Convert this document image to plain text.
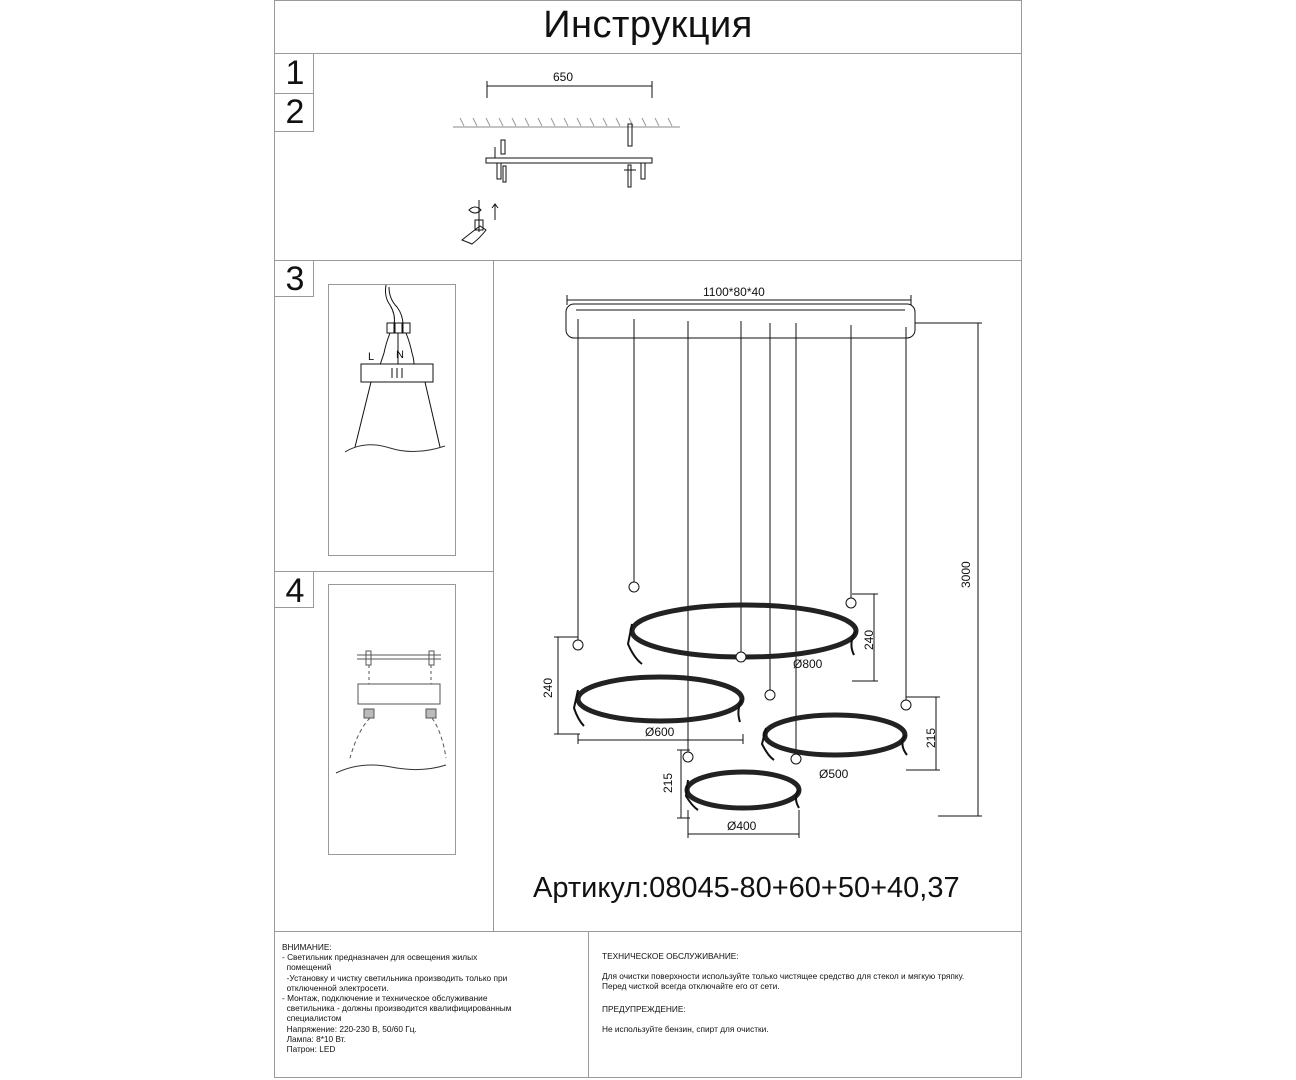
Инструкция
1
2
3
4
650
1100*80*40
3000
240
240
215
215
Ø800
Ø600
Ø500
Ø400
L N
Артикул:08045-80+60+50+40,37
ВНИМАНИЕ:
- Светильник предназначен для освещения жилых
помещений
-Установку и чистку светильника производить только при
отключенной электросети.
- Монтаж, подключение и техническое обслуживание
светильника - должны производится квалифицированным
специалистом
Напряжение: 220-230 В, 50/60 Гц.
Лампа: 8*10 Вт.
Патрон: LED
ТЕХНИЧЕСКОЕ ОБСЛУЖИВАНИЕ:
Для очистки поверхности используйте только чистящее средство для стекол и мягкую тряпку.
Перед чисткой всегда отключайте его от сети.
ПРЕДУПРЕЖДЕНИЕ:
Не используйте бензин, спирт для очистки.
